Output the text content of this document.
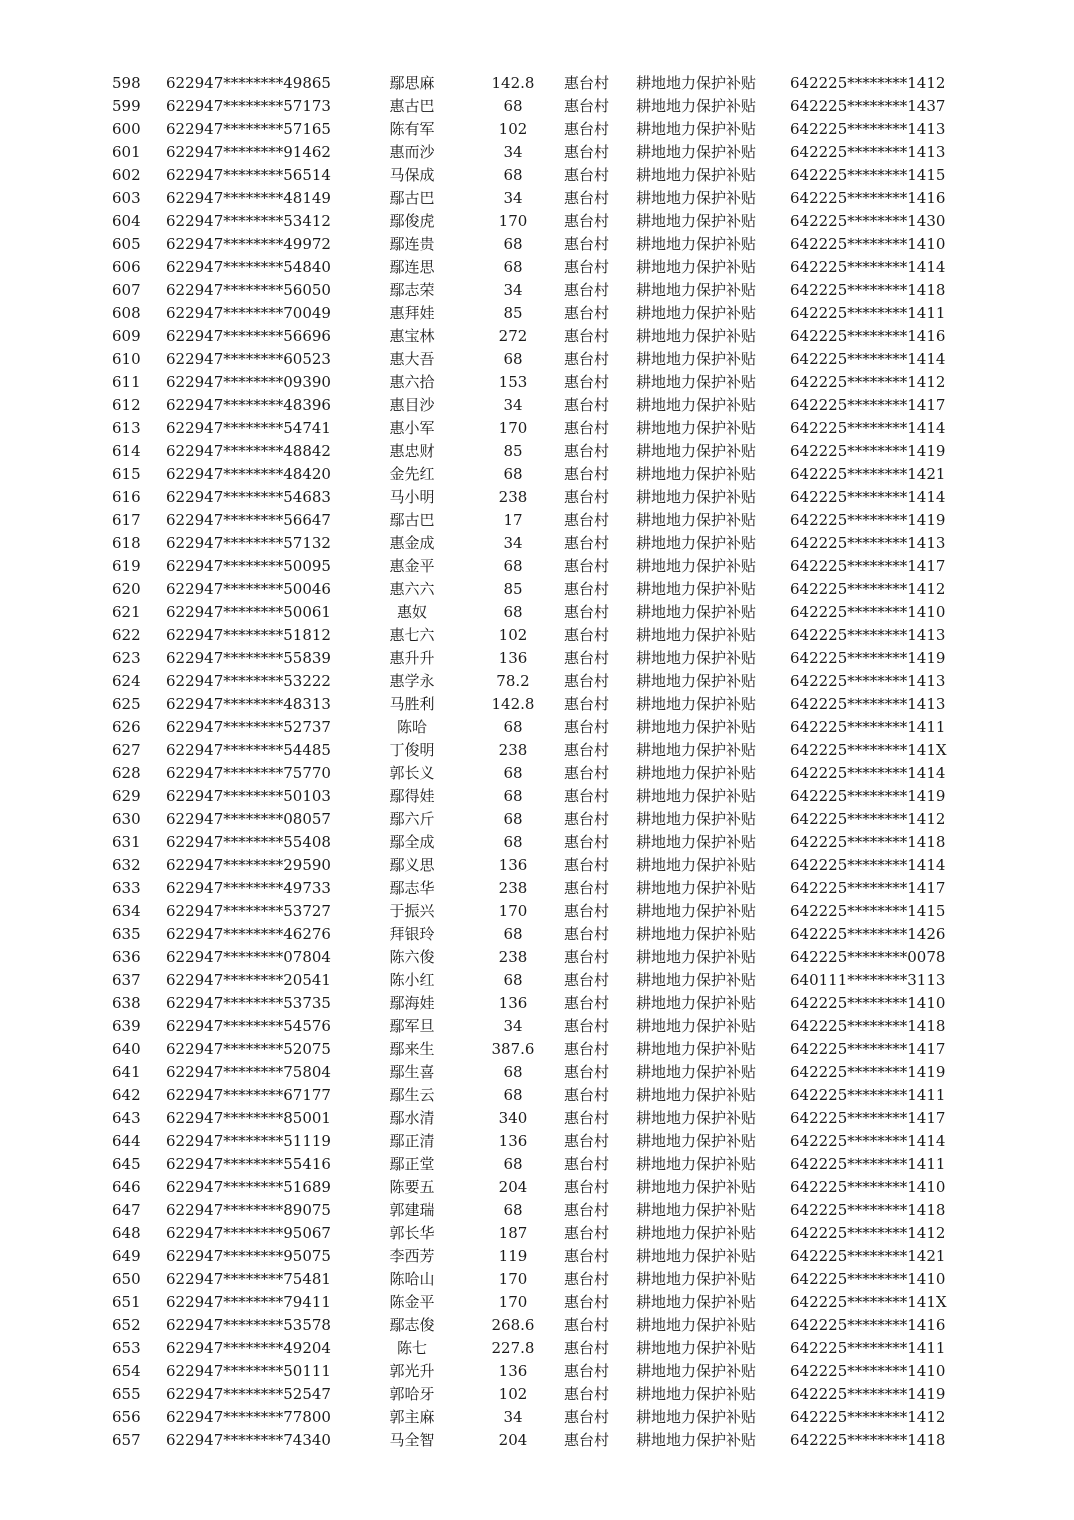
598	622947********49865	鄢思麻	142.8	惠台村	耕地地力保护补贴	642225********1412
599	622947********57173	惠古巴	68	惠台村	耕地地力保护补贴	642225********1437
600	622947********57165	陈有军	102	惠台村	耕地地力保护补贴	642225********1413
601	622947********91462	惠而沙	34	惠台村	耕地地力保护补贴	642225********1413
602	622947********56514	马保成	68	惠台村	耕地地力保护补贴	642225********1415
603	622947********48149	鄢古巴	34	惠台村	耕地地力保护补贴	642225********1416
604	622947********53412	鄢俊虎	170	惠台村	耕地地力保护补贴	642225********1430
605	622947********49972	鄢连贵	68	惠台村	耕地地力保护补贴	642225********1410
606	622947********54840	鄢连思	68	惠台村	耕地地力保护补贴	642225********1414
607	622947********56050	鄢志荣	34	惠台村	耕地地力保护补贴	642225********1418
608	622947********70049	惠拜娃	85	惠台村	耕地地力保护补贴	642225********1411
609	622947********56696	惠宝林	272	惠台村	耕地地力保护补贴	642225********1416
610	622947********60523	惠大吾	68	惠台村	耕地地力保护补贴	642225********1414
611	622947********09390	惠六拾	153	惠台村	耕地地力保护补贴	642225********1412
612	622947********48396	惠目沙	34	惠台村	耕地地力保护补贴	642225********1417
613	622947********54741	惠小军	170	惠台村	耕地地力保护补贴	642225********1414
614	622947********48842	惠忠财	85	惠台村	耕地地力保护补贴	642225********1419
615	622947********48420	金先红	68	惠台村	耕地地力保护补贴	642225********1421
616	622947********54683	马小明	238	惠台村	耕地地力保护补贴	642225********1414
617	622947********56647	鄢古巴	17	惠台村	耕地地力保护补贴	642225********1419
618	622947********57132	惠金成	34	惠台村	耕地地力保护补贴	642225********1413
619	622947********50095	惠金平	68	惠台村	耕地地力保护补贴	642225********1417
620	622947********50046	惠六六	85	惠台村	耕地地力保护补贴	642225********1412
621	622947********50061	惠奴	68	惠台村	耕地地力保护补贴	642225********1410
622	622947********51812	惠七六	102	惠台村	耕地地力保护补贴	642225********1413
623	622947********55839	惠升升	136	惠台村	耕地地力保护补贴	642225********1419
624	622947********53222	惠学永	78.2	惠台村	耕地地力保护补贴	642225********1413
625	622947********48313	马胜利	142.8	惠台村	耕地地力保护补贴	642225********1413
626	622947********52737	陈哈	68	惠台村	耕地地力保护补贴	642225********1411
627	622947********54485	丁俊明	238	惠台村	耕地地力保护补贴	642225********141X
628	622947********75770	郭长义	68	惠台村	耕地地力保护补贴	642225********1414
629	622947********50103	鄢得娃	68	惠台村	耕地地力保护补贴	642225********1419
630	622947********08057	鄢六斤	68	惠台村	耕地地力保护补贴	642225********1412
631	622947********55408	鄢全成	68	惠台村	耕地地力保护补贴	642225********1418
632	622947********29590	鄢义思	136	惠台村	耕地地力保护补贴	642225********1414
633	622947********49733	鄢志华	238	惠台村	耕地地力保护补贴	642225********1417
634	622947********53727	于振兴	170	惠台村	耕地地力保护补贴	642225********1415
635	622947********46276	拜银玲	68	惠台村	耕地地力保护补贴	642225********1426
636	622947********07804	陈六俊	238	惠台村	耕地地力保护补贴	642225********0078
637	622947********20541	陈小红	68	惠台村	耕地地力保护补贴	640111********3113
638	622947********53735	鄢海娃	136	惠台村	耕地地力保护补贴	642225********1410
639	622947********54576	鄢军旦	34	惠台村	耕地地力保护补贴	642225********1418
640	622947********52075	鄢来生	387.6	惠台村	耕地地力保护补贴	642225********1417
641	622947********75804	鄢生喜	68	惠台村	耕地地力保护补贴	642225********1419
642	622947********67177	鄢生云	68	惠台村	耕地地力保护补贴	642225********1411
643	622947********85001	鄢水清	340	惠台村	耕地地力保护补贴	642225********1417
644	622947********51119	鄢正清	136	惠台村	耕地地力保护补贴	642225********1414
645	622947********55416	鄢正堂	68	惠台村	耕地地力保护补贴	642225********1411
646	622947********51689	陈要五	204	惠台村	耕地地力保护补贴	642225********1410
647	622947********89075	郭建瑞	68	惠台村	耕地地力保护补贴	642225********1418
648	622947********95067	郭长华	187	惠台村	耕地地力保护补贴	642225********1412
649	622947********95075	李西芳	119	惠台村	耕地地力保护补贴	642225********1421
650	622947********75481	陈哈山	170	惠台村	耕地地力保护补贴	642225********1410
651	622947********79411	陈金平	170	惠台村	耕地地力保护补贴	642225********141X
652	622947********53578	鄢志俊	268.6	惠台村	耕地地力保护补贴	642225********1416
653	622947********49204	陈七	227.8	惠台村	耕地地力保护补贴	642225********1411
654	622947********50111	郭光升	136	惠台村	耕地地力保护补贴	642225********1410
655	622947********52547	郭哈牙	102	惠台村	耕地地力保护补贴	642225********1419
656	622947********77800	郭主麻	34	惠台村	耕地地力保护补贴	642225********1412
657	622947********74340	马全智	204	惠台村	耕地地力保护补贴	642225********1418
